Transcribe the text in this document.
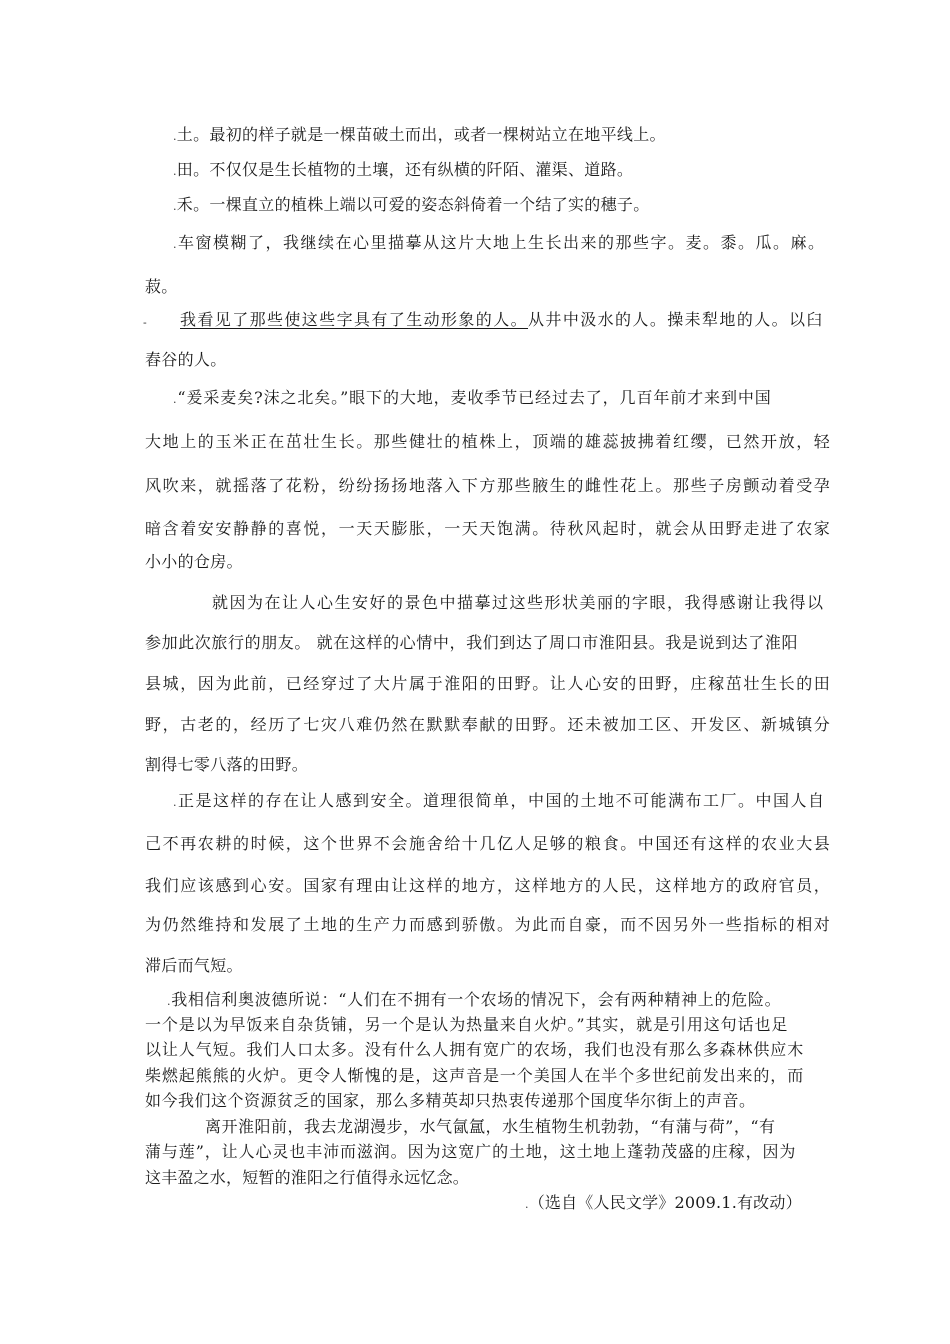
.土。最初的样子就是一棵苗破土而出，或者一棵树站立在地平线上。
.田。不仅仅是生长植物的土壤，还有纵横的阡陌、灌渠、道路。
.禾。一棵直立的植株上端以可爱的姿态斜倚着一个结了实的穗子。
.车窗模糊了，我继续在心里描摹从这片大地上生长出来的那些字。麦。黍。瓜。麻。
菽。
- 我看见了那些使这些字具有了生动形象的人。从井中汲水的人。操耒犁地的人。以臼
舂谷的人。
.“爰采麦矣?沫之北矣。”眼下的大地，麦收季节已经过去了，几百年前才来到中国
大地上的玉米正在茁壮生长。那些健壮的植株上，顶端的雄蕊披拂着红缨，已然开放，轻
风吹来，就摇落了花粉，纷纷扬扬地落入下方那些腋生的雌性花上。那些子房颤动着受孕
暗含着安安静静的喜悦，一天天膨胀，一天天饱满。待秋风起时，就会从田野走进了农家
小小的仓房。
就因为在让人心生安好的景色中描摹过这些形状美丽的字眼，我得感谢让我得以
参加此次旅行的朋友。 就在这样的心情中，我们到达了周口市淮阳县。我是说到达了淮阳
县城，因为此前，已经穿过了大片属于淮阳的田野。让人心安的田野，庄稼茁壮生长的田
野，古老的，经历了七灾八难仍然在默默奉献的田野。还未被加工区、开发区、新城镇分
割得七零八落的田野。
.正是这样的存在让人感到安全。道理很简单，中国的土地不可能满布工厂。中国人自
己不再农耕的时候，这个世界不会施舍给十几亿人足够的粮食。中国还有这样的农业大县
我们应该感到心安。国家有理由让这样的地方，这样地方的人民，这样地方的政府官员，
为仍然维持和发展了土地的生产力而感到骄傲。为此而自豪，而不因另外一些指标的相对
滞后而气短。
.我相信利奥波德所说：“人们在不拥有一个农场的情况下，会有两种精神上的危险。
一个是以为早饭来自杂货铺，另一个是认为热量来自火炉。”其实，就是引用这句话也足
以让人气短。我们人口太多。没有什么人拥有宽广的农场，我们也没有那么多森林供应木
柴燃起熊熊的火炉。更令人惭愧的是，这声音是一个美国人在半个多世纪前发出来的，而
如今我们这个资源贫乏的国家，那么多精英却只热衷传递那个国度华尔街上的声音。
离开淮阳前，我去龙湖漫步，水气氤氲，水生植物生机勃勃，“有蒲与荷”，“有
蒲与莲”，让人心灵也丰沛而滋润。因为这宽广的土地，这土地上蓬勃茂盛的庄稼，因为
这丰盈之水，短暂的淮阳之行值得永远忆念。
.（选自《人民文学》2009.1.有改动）
